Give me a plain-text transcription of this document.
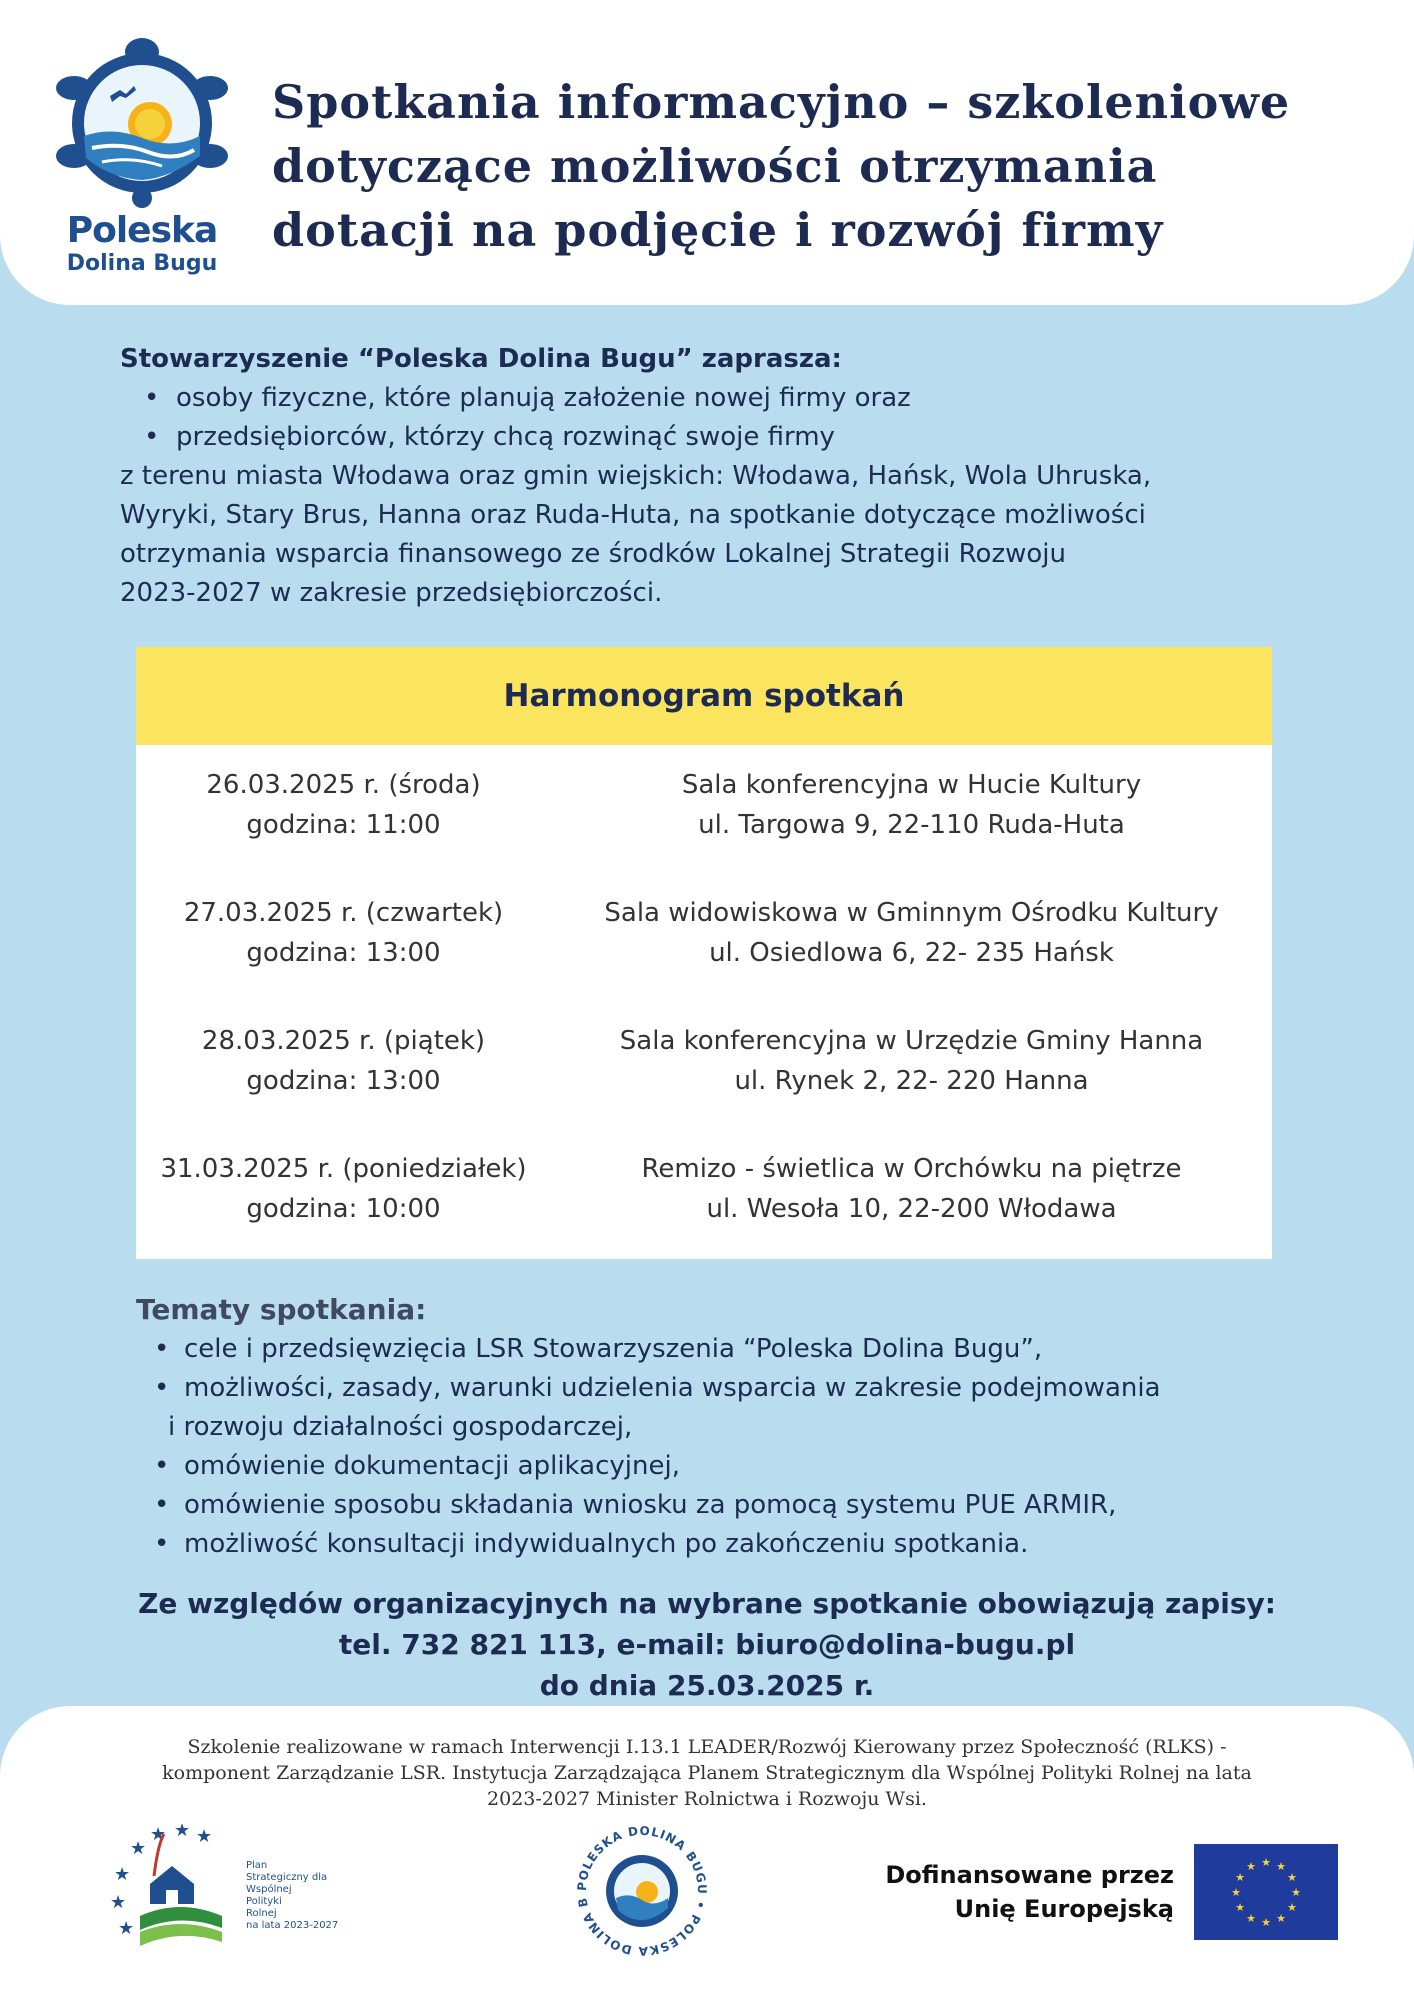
Poleska
Dolina Bugu
Spotkania informacyjno – szkoleniowe
dotyczące możliwości otrzymania
dotacji na podjęcie i rozwój firmy
Stowarzyszenie “Poleska Dolina Bugu” zaprasza:
• osoby fizyczne, które planują założenie nowej firmy oraz
• przedsiębiorców, którzy chcą rozwinąć swoje firmy
z terenu miasta Włodawa oraz gmin wiejskich: Włodawa, Hańsk, Wola Uhruska,
Wyryki, Stary Brus, Hanna oraz Ruda-Huta, na spotkanie dotyczące możliwości
otrzymania wsparcia finansowego ze środków Lokalnej Strategii Rozwoju
2023-2027 w zakresie przedsiębiorczości.
Harmonogram spotkań
26.03.2025 r. (środa)
godzina: 11:00
Sala konferencyjna w Hucie Kultury
ul. Targowa 9, 22-110 Ruda-Huta
27.03.2025 r. (czwartek)
godzina: 13:00
Sala widowiskowa w Gminnym Ośrodku Kultury
ul. Osiedlowa 6, 22- 235 Hańsk
28.03.2025 r. (piątek)
godzina: 13:00
Sala konferencyjna w Urzędzie Gminy Hanna
ul. Rynek 2, 22- 220 Hanna
31.03.2025 r. (poniedziałek)
godzina: 10:00
Remizo - świetlica w Orchówku na piętrze
ul. Wesoła 10, 22-200 Włodawa
Tematy spotkania:
• cele i przedsięwzięcia LSR Stowarzyszenia “Poleska Dolina Bugu”,
• możliwości, zasady, warunki udzielenia wsparcia w zakresie podejmowania
i rozwoju działalności gospodarczej,
• omówienie dokumentacji aplikacyjnej,
• omówienie sposobu składania wniosku za pomocą systemu PUE ARMIR,
• możliwość konsultacji indywidualnych po zakończeniu spotkania.
Ze względów organizacyjnych na wybrane spotkanie obowiązują zapisy:
tel. 732 821 113, e-mail: biuro@dolina-bugu.pl
do dnia 25.03.2025 r.
Szkolenie realizowane w ramach Interwencji I.13.1 LEADER/Rozwój Kierowany przez Społeczność (RLKS) -
komponent Zarządzanie LSR. Instytucja Zarządzająca Planem Strategicznym dla Wspólnej Polityki Rolnej na lata
2023-2027 Minister Rolnictwa i Rozwoju Wsi.
★
★ ★ ★
★
★
★
Plan
Strategiczny dla
Wspólnej
Polityki
Rolnej
na lata 2023-2027
POLESKA DOLINA BUGU • POLESKA DOLINA B
Dofinansowane przez
Unię Europejską
★ ★
★
★
★
★
★
★
★
★
★
★
